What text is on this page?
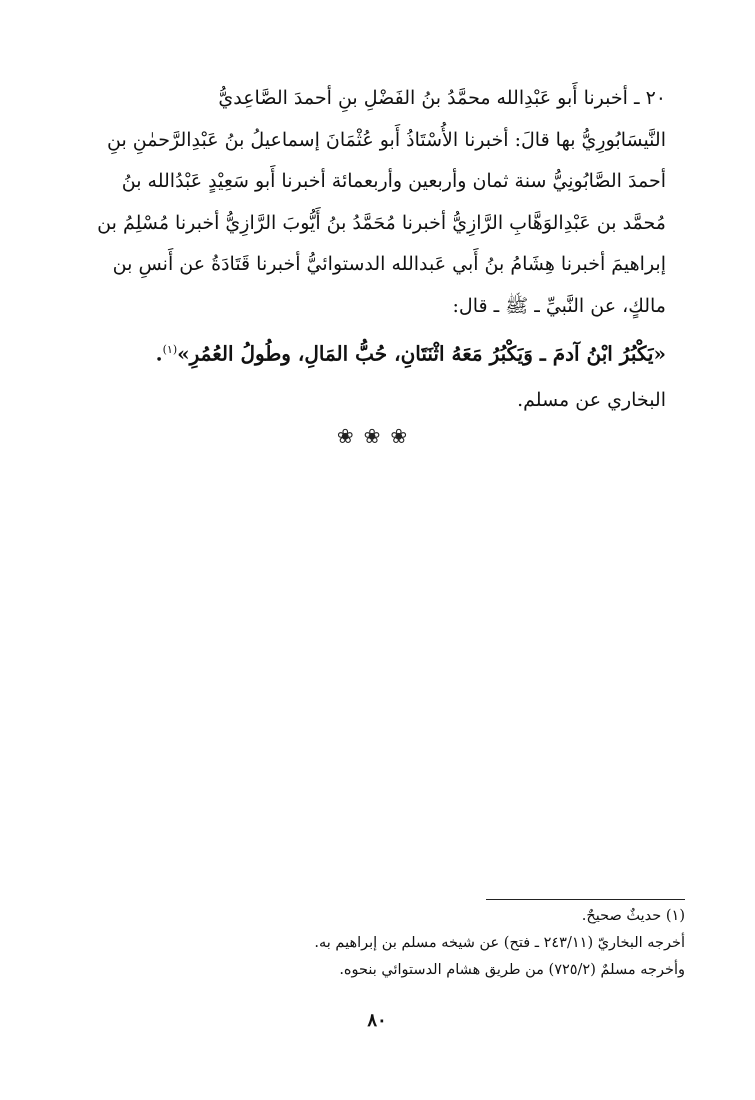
٢٠ ـ أخبرنا أَبو عَبْدِالله محمَّدُ بنُ الفَضْلِ بنِ أحمدَ الصَّاعِديُّ
النَّيسَابُورِيُّ بها قالَ: أخبرنا الأُسْتَاذُ أَبو عُثْمَانَ إسماعيلُ بنُ عَبْدِالرَّحمٰنِ بنِ
أحمدَ الصَّابُونِيُّ سنة ثمان وأربعين وأربعمائة أخبرنا أَبو سَعِيْدٍ عَبْدُالله بنُ
مُحمَّد بن عَبْدِالوَهَّابِ الرَّازِيُّ أخبرنا مُحَمَّدُ بنُ أَيُّوبَ الرَّازِيُّ أخبرنا مُسْلِمُ بن
إبراهيمَ أخبرنا هِشَامُ بنُ أَبي عَبدالله الدستوائيُّ أخبرنا قَتَادَةُ عن أَنسِ بن
مالكٍ، عن النَّبيِّ ـ ﷺ ـ قال:
«يَكْبُرُ ابْنُ آدمَ ـ وَيَكْبُرُ مَعَهُ اثْنَتَانِ، حُبُّ المَالِ، وطُولُ العُمُرِ»$^{(١)}$.
البخاري عن مسلم.
❀❀❀
(١) حديثٌ صحيحٌ.
أخرجه البخاريّ (٢٤٣/١١ ـ فتح) عن شيخه مسلم بن إبراهيم به.
وأخرجه مسلمٌ (٧٢٥/٢) من طريق هشام الدستوائي بنحوه.
٨٠
